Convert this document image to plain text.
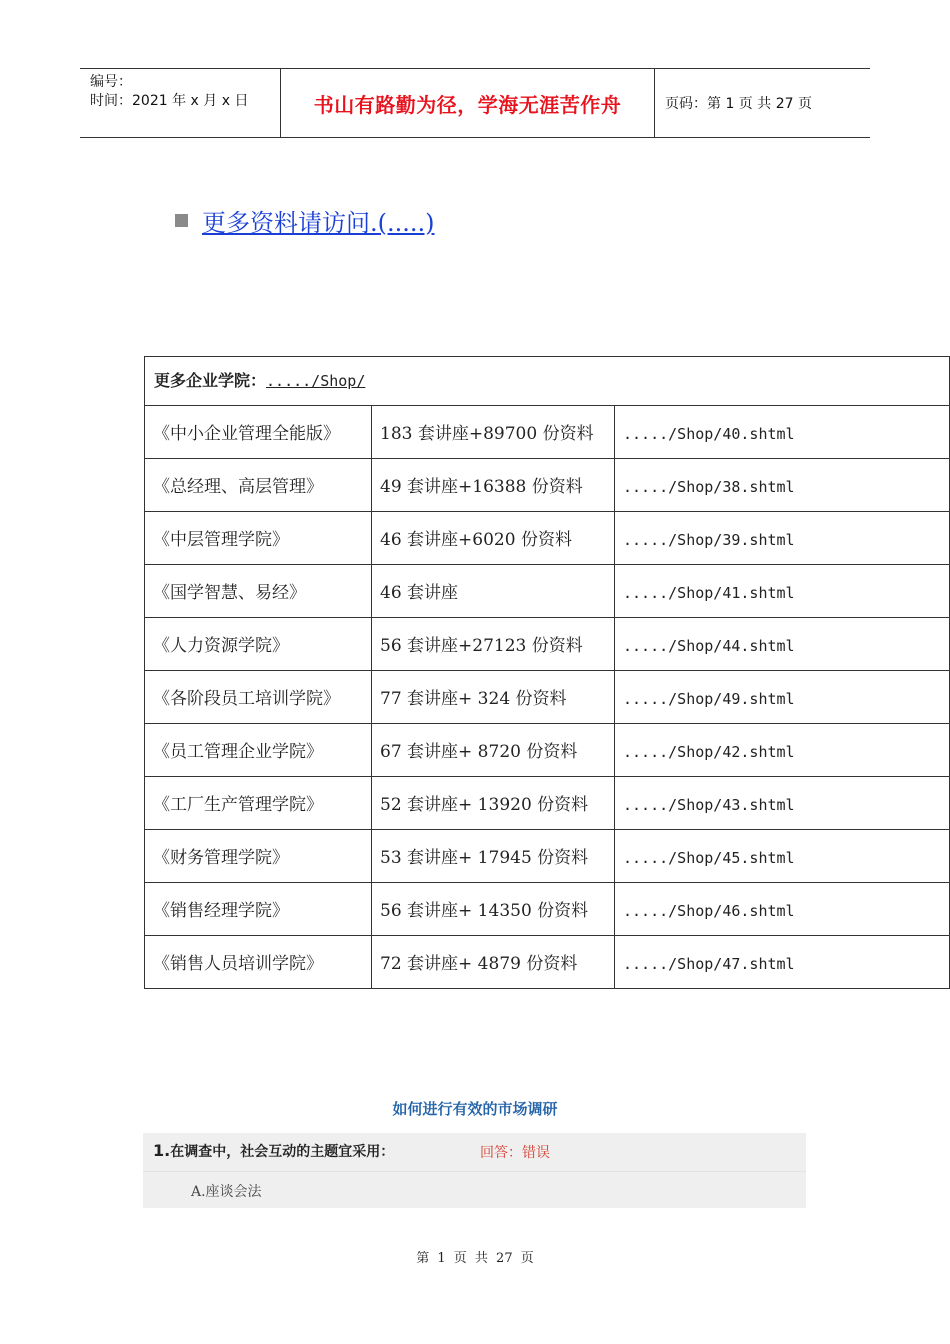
编号：
时间：2021 年 x 月 x 日	书山有路勤为径，学海无涯苦作舟	页码：第 1 页 共 27 页
更多资料请访问.(.....)
更多企业学院：...../Shop/		
《中小企业管理全能版》	183 套讲座+89700 份资料	...../Shop/40.shtml
《总经理、高层管理》	49 套讲座+16388 份资料	...../Shop/38.shtml
《中层管理学院》	46 套讲座+6020 份资料	...../Shop/39.shtml
《国学智慧、易经》	46 套讲座	...../Shop/41.shtml
《人力资源学院》	56 套讲座+27123 份资料	...../Shop/44.shtml
《各阶段员工培训学院》	77 套讲座+ 324 份资料	...../Shop/49.shtml
《员工管理企业学院》	67 套讲座+ 8720 份资料	...../Shop/42.shtml
《工厂生产管理学院》	52 套讲座+ 13920 份资料	...../Shop/43.shtml
《财务管理学院》	53 套讲座+ 17945 份资料	...../Shop/45.shtml
《销售经理学院》	56 套讲座+ 14350 份资料	...../Shop/46.shtml
《销售人员培训学院》	72 套讲座+ 4879 份资料	...../Shop/47.shtml
如何进行有效的市场调研
1.在调查中，社会互动的主题宜采用：	回答：错误
A.座谈会法
第 1 页 共 27 页
